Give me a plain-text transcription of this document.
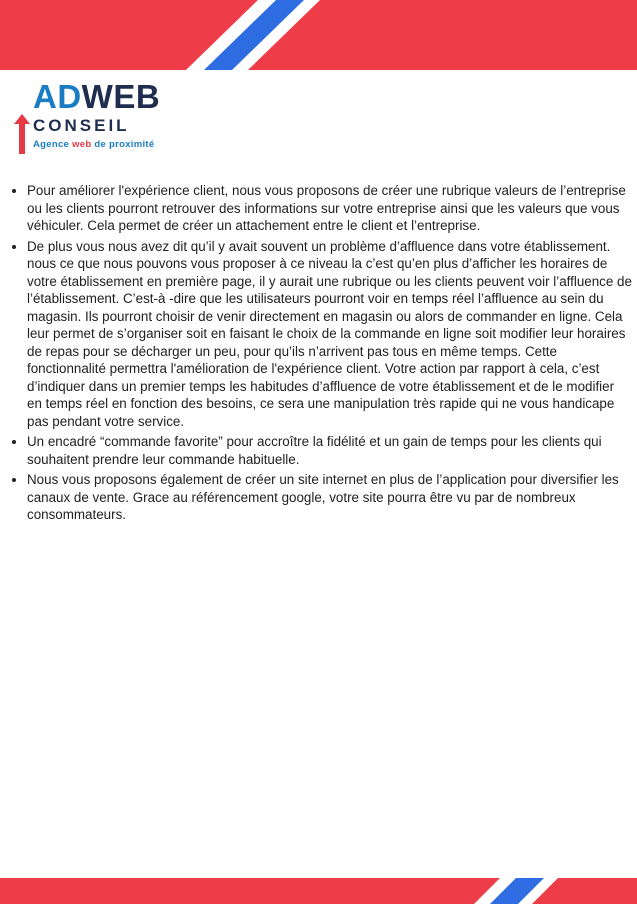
ADWEB
CONSEIL
Agence web de proximité
• Pour améliorer l'expérience client, nous vous proposons de créer une rubrique valeurs de l’entreprise ou les clients pourront retrouver des informations sur votre entreprise ainsi que les valeurs que vous véhiculer. Cela permet de créer un attachement entre le client et l’entreprise.
• De plus vous nous avez dit qu’il y avait souvent un problème d’affluence dans votre établissement. nous ce que nous pouvons vous proposer à ce niveau la c’est qu’en plus d’afficher les horaires de votre établissement en première page, il y aurait une rubrique ou les clients peuvent voir l’affluence de l’établissement. C’est-à -dire que les utilisateurs pourront voir en temps réel l’affluence au sein du magasin. Ils pourront choisir de venir directement en magasin ou alors de commander en ligne. Cela leur permet de s’organiser soit en faisant le choix de la commande en ligne soit modifier leur horaires de repas pour se décharger un peu, pour qu’ils n’arrivent pas tous en même temps. Cette fonctionnalité permettra l'amélioration de l'expérience client. Votre action par rapport à cela, c’est d’indiquer dans un premier temps les habitudes d’affluence de votre établissement et de le modifier en temps réel en fonction des besoins, ce sera une manipulation très rapide qui ne vous handicape pas pendant votre service.
• Un encadré “commande favorite” pour accroître la fidélité et un gain de temps pour les clients qui souhaitent prendre leur commande habituelle.
• Nous vous proposons également de créer un site internet en plus de l’application pour diversifier les canaux de vente. Grace au référencement google, votre site pourra être vu par de nombreux consommateurs.
